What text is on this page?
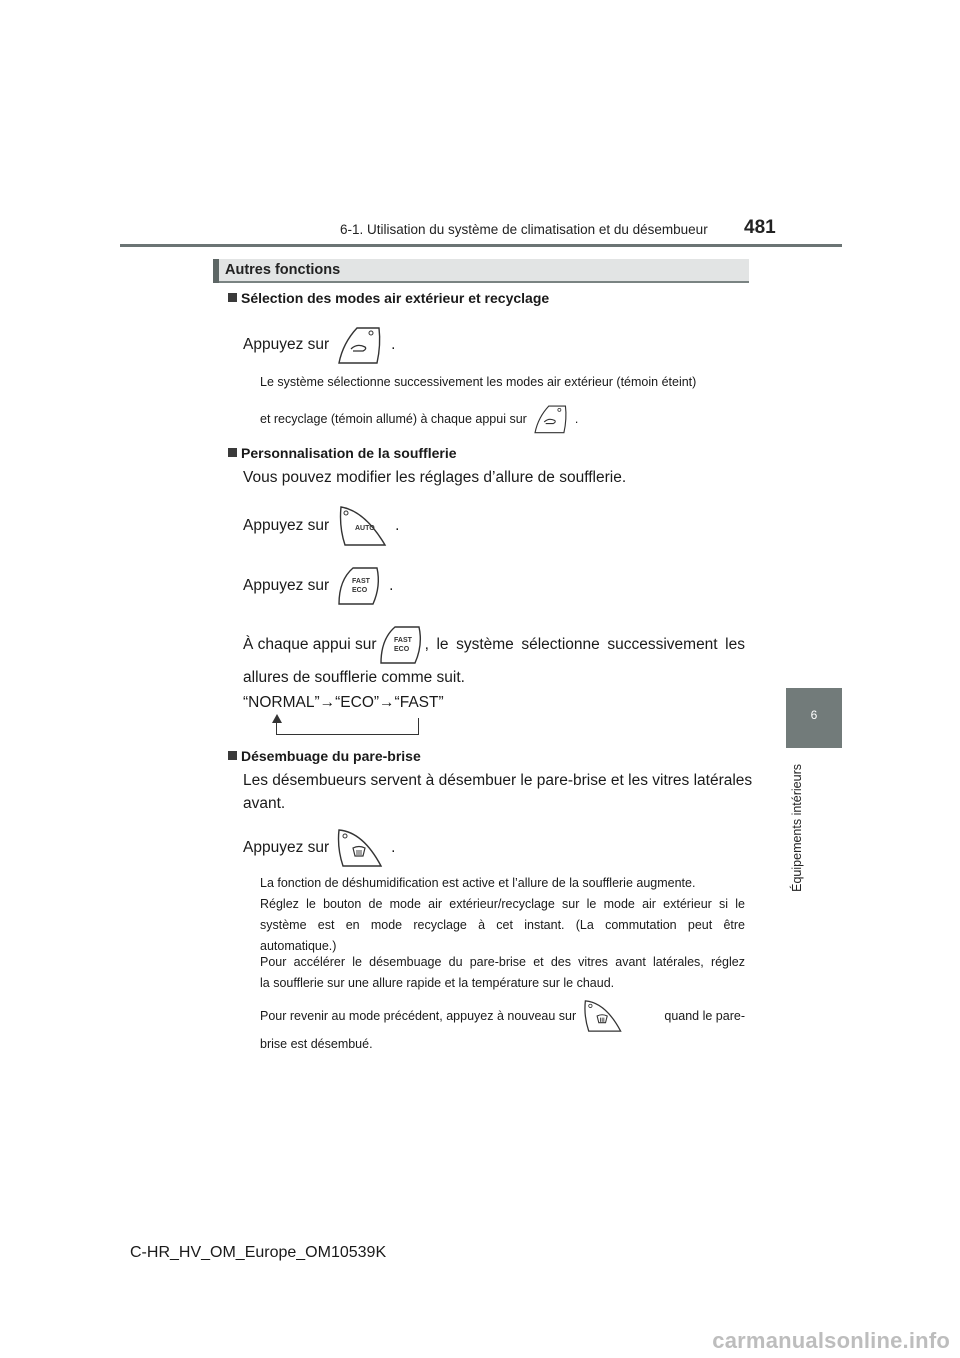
6-1. Utilisation du système de climatisation et du désembueur 481
6
Équipements intérieurs
Autres fonctions
Sélection des modes air extérieur et recyclage
Appuyez sur	.
Le système sélectionne successivement les modes air extérieur (témoin éteint)
et recyclage (témoin allumé) à chaque appui sur	.
Personnalisation de la soufflerie
Vous pouvez modifier les réglages d’allure de soufflerie.
Appuyez sur	AUTO .
Appuyez sur	FAST
ECO .
À chaque appui sur FAST
ECO , le système sélectionne successivement les
allures de soufflerie comme suit.
“NORMAL”→“ECO”→“FAST”
Désembuage du pare-brise
Les désembueurs servent à désembuer le pare-brise et les vitres latérales
avant.
Appuyez sur	.
La fonction de déshumidification est active et l’allure de la soufflerie augmente.
Réglez le bouton de mode air extérieur/recyclage sur le mode air extérieur si le
système est en mode recyclage à cet instant. (La commutation peut être
automatique.)
Pour accélérer le désembuage du pare-brise et des vitres avant latérales, réglez
la soufflerie sur une allure rapide et la température sur le chaud.
Pour revenir au mode précédent, appuyez à nouveau sur	quand le pare-
brise est désembué.
C-HR_HV_OM_Europe_OM10539K
carmanualsonline.info
